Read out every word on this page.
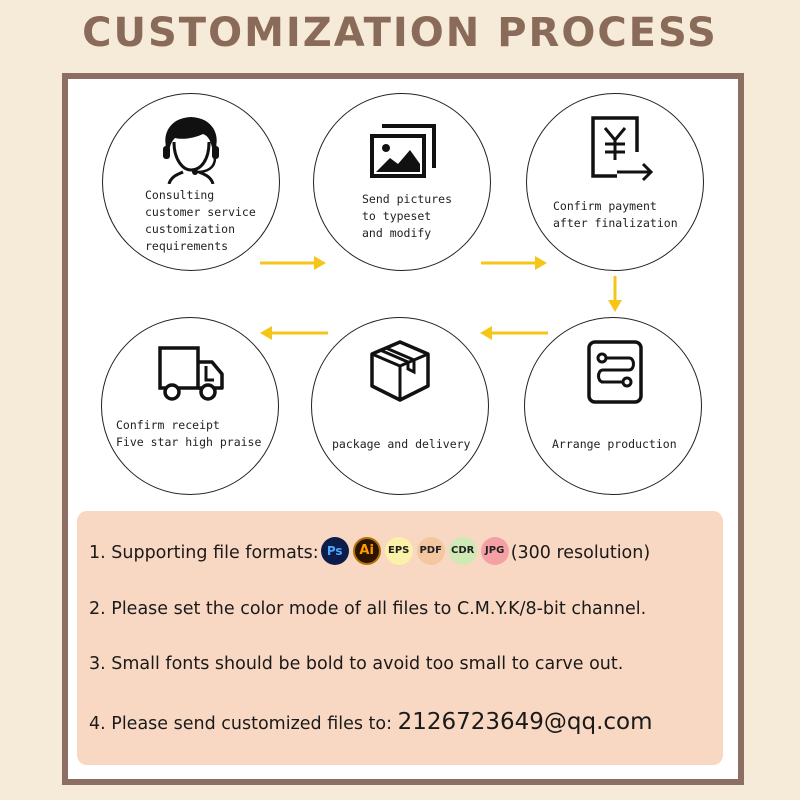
CUSTOMIZATION PROCESS
Consulting
customer service
customization
requirements
Send pictures
to typeset
and modify
Confirm payment
after finalization
Arrange production
package and delivery
Confirm receipt
Five star high praise
1. Supporting file formats: Ps Ai EPS PDF CDR JPG (300 resolution)
2. Please set the color mode of all files to C.M.Y.K/8-bit channel.
3. Small fonts should be bold to avoid too small to carve out.
4. Please send customized files to: 2126723649@qq.com
